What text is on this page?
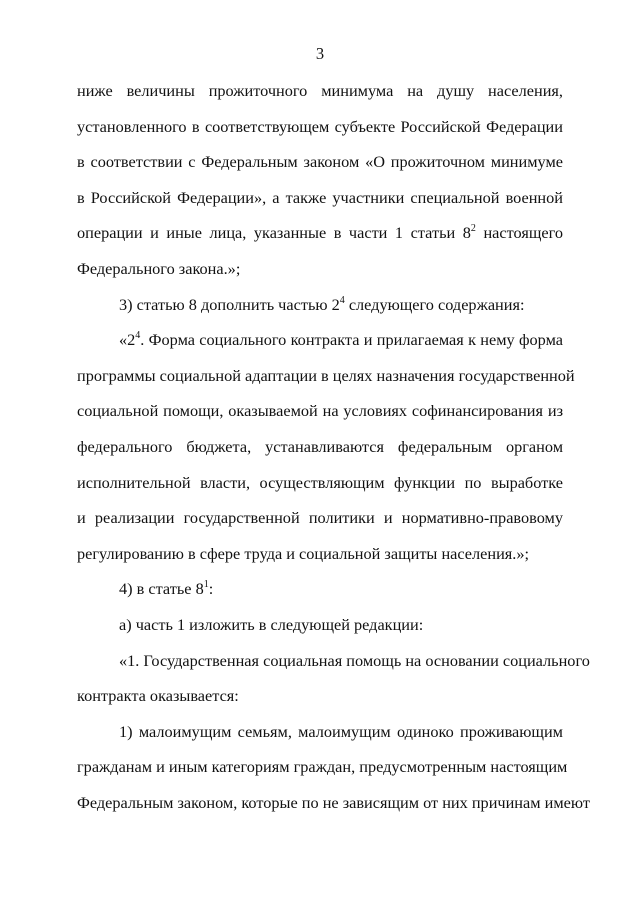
3
ниже величины прожиточного минимума на душу населения,
установленного в соответствующем субъекте Российской Федерации
в соответствии с Федеральным законом «О прожиточном минимуме
в Российской Федерации», а также участники специальной военной
операции и иные лица, указанные в части 1 статьи $8^2$ настоящего
Федерального закона.»;
3) статью 8 дополнить частью $2^4$ следующего содержания:
«$2^4$. Форма социального контракта и прилагаемая к нему форма
программы социальной адаптации в целях назначения государственной
социальной помощи, оказываемой на условиях софинансирования из
федерального бюджета, устанавливаются федеральным органом
исполнительной власти, осуществляющим функции по выработке
и реализации государственной политики и нормативно-правовому
регулированию в сфере труда и социальной защиты населения.»;
4) в статье $8^1$:
а) часть 1 изложить в следующей редакции:
«1. Государственная социальная помощь на основании социального
контракта оказывается:
1) малоимущим семьям, малоимущим одиноко проживающим
гражданам и иным категориям граждан, предусмотренным настоящим
Федеральным законом, которые по не зависящим от них причинам имеют
